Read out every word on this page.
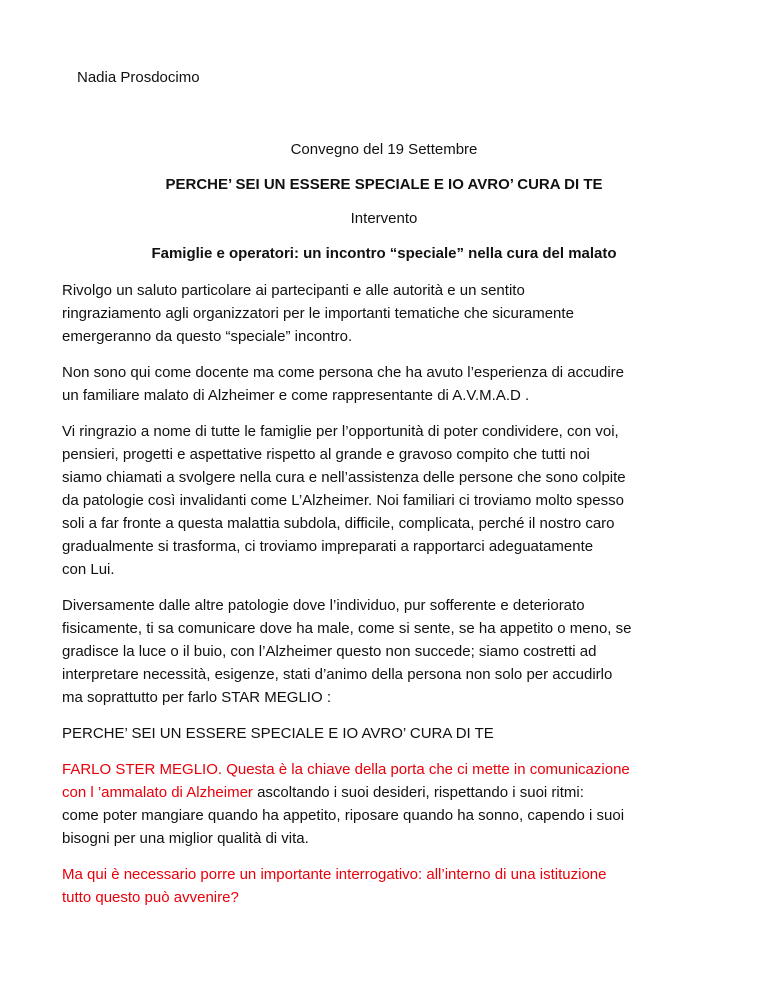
Nadia Prosdocimo

Convegno del 19 Settembre

PERCHE’ SEI UN ESSERE SPECIALE E IO AVRO’ CURA DI TE

Intervento

Famiglie e operatori: un incontro “speciale” nella cura del malato

Rivolgo un saluto particolare ai partecipanti e alle autorità e un sentito

ringraziamento agli organizzatori per le importanti tematiche che sicuramente

emergeranno da questo “speciale” incontro.

Non sono qui come docente ma come persona che ha avuto l’esperienza di accudire

un familiare malato di Alzheimer e come rappresentante di A.V.M.A.D .

Vi ringrazio a nome di tutte le famiglie per l’opportunità di poter condividere, con voi,

pensieri, progetti e aspettative rispetto al grande e gravoso compito che tutti noi

siamo chiamati a svolgere nella cura e nell’assistenza delle persone che sono colpite

da patologie così invalidanti come L’Alzheimer. Noi familiari ci troviamo molto spesso

soli a far fronte a questa malattia subdola, difficile, complicata, perché il nostro caro

gradualmente si trasforma, ci troviamo impreparati a rapportarci adeguatamente

con Lui.

Diversamente dalle altre patologie dove l’individuo, pur sofferente e deteriorato

fisicamente, ti sa comunicare dove ha male, come si sente, se ha appetito o meno, se

gradisce la luce o il buio, con l’Alzheimer questo non succede; siamo costretti ad

interpretare necessità, esigenze, stati d’animo della persona non solo per accudirlo

ma soprattutto per farlo STAR MEGLIO :

PERCHE’ SEI UN ESSERE SPECIALE E IO AVRO’ CURA DI TE

FARLO STER MEGLIO. Questa è la chiave della porta che ci mette in comunicazione

con l ’ammalato di Alzheimer ascoltando i suoi desideri, rispettando i suoi ritmi:

come poter mangiare quando ha appetito, riposare quando ha sonno, capendo i suoi

bisogni per una miglior qualità di vita.

Ma qui è necessario porre un importante interrogativo: all’interno di una istituzione

tutto questo può avvenire?
